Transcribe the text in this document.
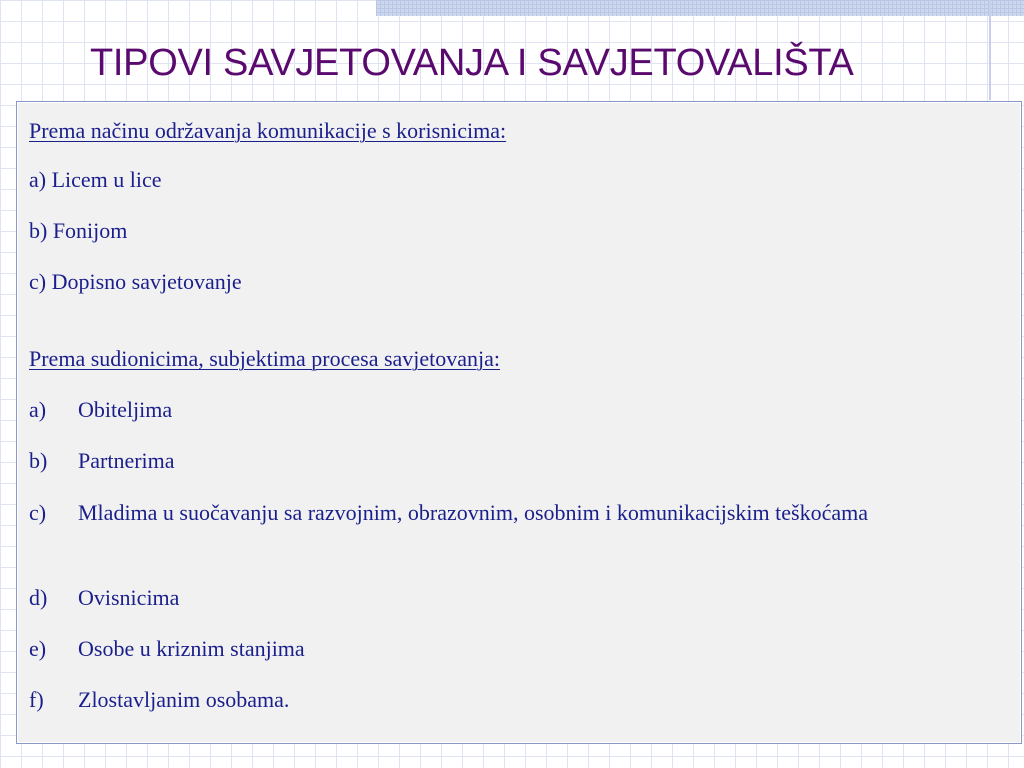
TIPOVI SAVJETOVANJA I SAVJETOVALIŠTA

Prema načinu održavanja komunikacije s korisnicima:

a) Licem u lice

b) Fonijom

c) Dopisno savjetovanje

Prema sudionicima, subjektima procesa savjetovanja:

a) Obiteljima
b) Partnerima
c) Mladima u suočavanju sa razvojnim, obrazovnim, osobnim i komunikacijskim teškoćama
d) Ovisnicima
e) Osobe u kriznim stanjima
f) Zlostavljanim osobama.
